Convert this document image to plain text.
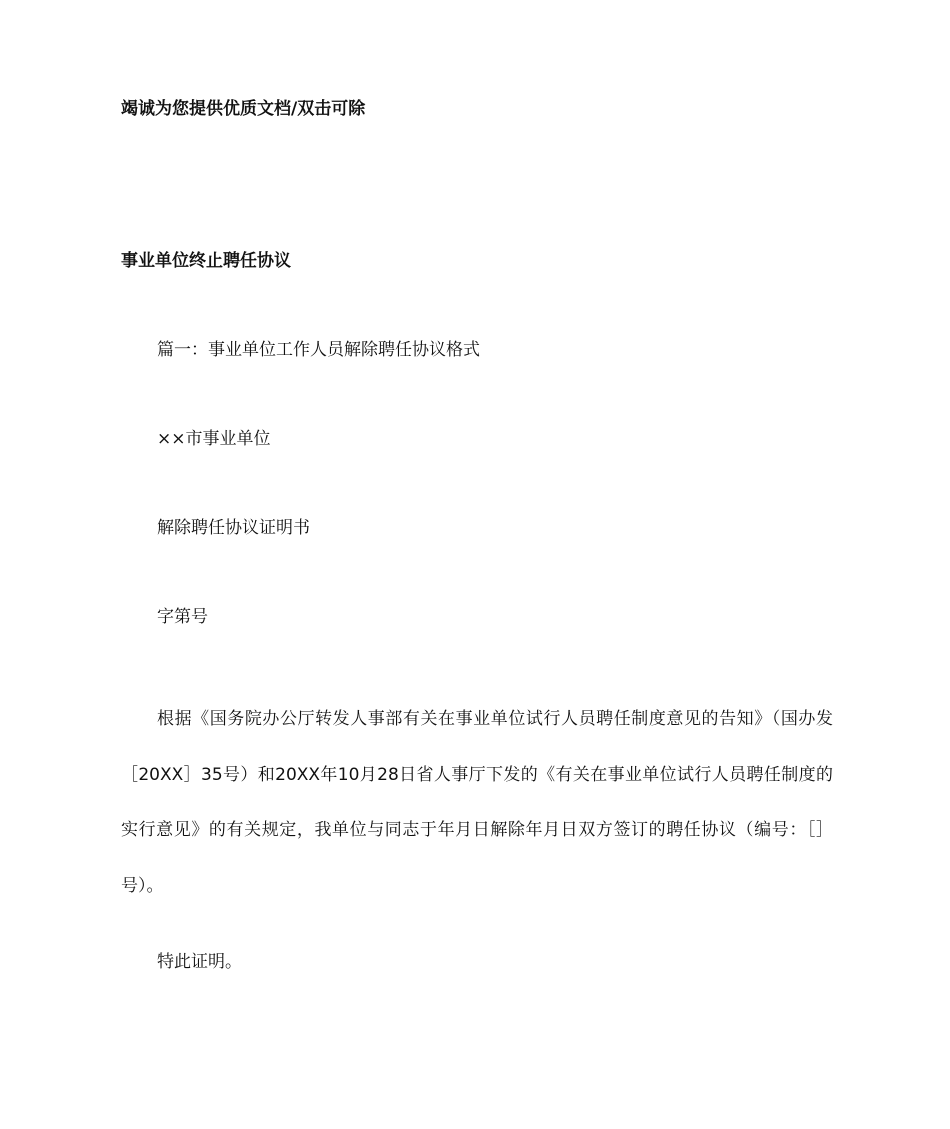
竭诚为您提供优质文档/双击可除
事业单位终止聘任协议
篇一：事业单位工作人员解除聘任协议格式
××市事业单位
解除聘任协议证明书
字第号
根据《国务院办公厅转发人事部有关在事业单位试行人员聘任制度意见的告知》（国办发［20XX］35号）和20XX年10月28日省人事厅下发的《有关在事业单位试行人员聘任制度的实行意见》的有关规定，我单位与同志于年月日解除年月日双方签订的聘任协议（编号：［］号）。
特此证明。
